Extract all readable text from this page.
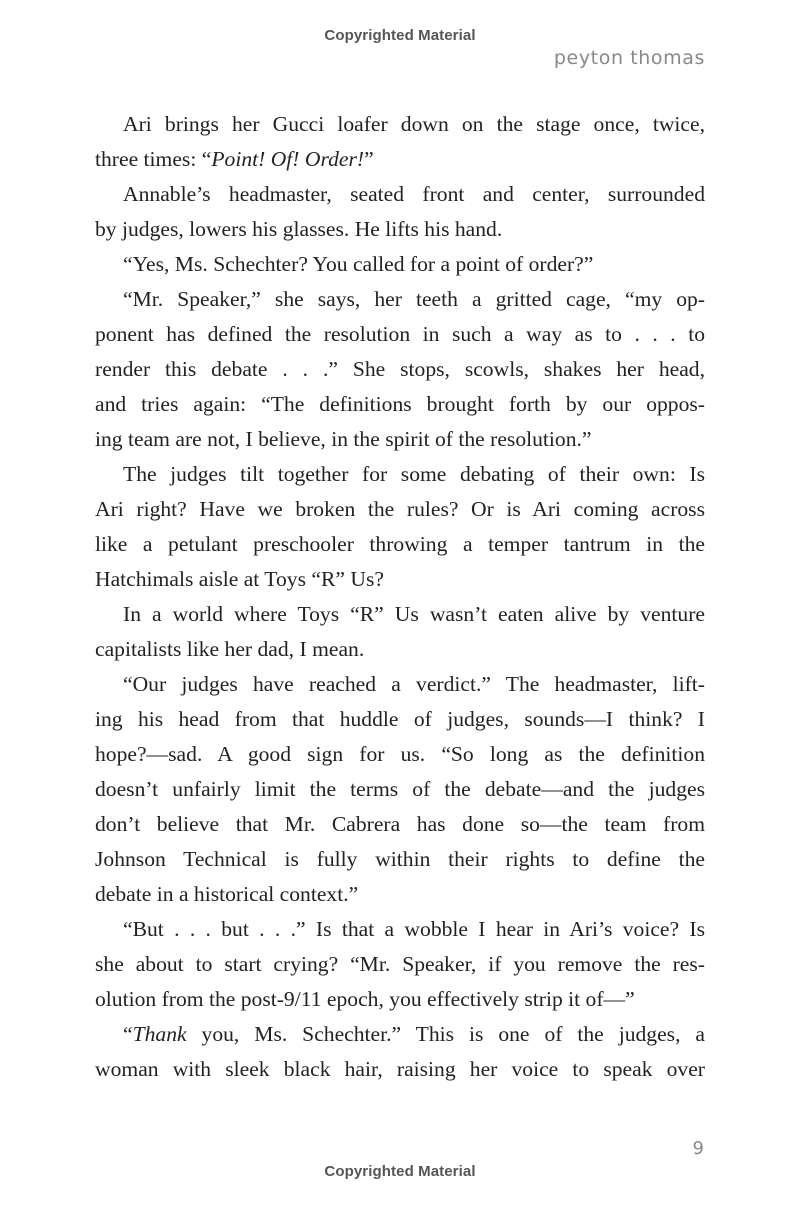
Copyrighted Material
peyton thomas
Ari brings her Gucci loafer down on the stage once, twice,
three times: “Point! Of! Order!”
Annable’s headmaster, seated front and center, surrounded
by judges, lowers his glasses. He lifts his hand.
“Yes, Ms. Schechter? You called for a point of order?”
“Mr. Speaker,” she says, her teeth a gritted cage, “my op-
ponent has defined the resolution in such a way as to . . . to
render this debate . . .” She stops, scowls, shakes her head,
and tries again: “The definitions brought forth by our oppos-
ing team are not, I believe, in the spirit of the resolution.”
The judges tilt together for some debating of their own: Is
Ari right? Have we broken the rules? Or is Ari coming across
like a petulant preschooler throwing a temper tantrum in the
Hatchimals aisle at Toys “R” Us?
In a world where Toys “R” Us wasn’t eaten alive by venture
capitalists like her dad, I mean.
“Our judges have reached a verdict.” The headmaster, lift-
ing his head from that huddle of judges, sounds—I think? I
hope?—sad. A good sign for us. “So long as the definition
doesn’t unfairly limit the terms of the debate—and the judges
don’t believe that Mr. Cabrera has done so—the team from
Johnson Technical is fully within their rights to define the
debate in a historical context.”
“But . . . but . . .” Is that a wobble I hear in Ari’s voice? Is
she about to start crying? “Mr. Speaker, if you remove the res-
olution from the post-9/11 epoch, you effectively strip it of—”
“Thank you, Ms. Schechter.” This is one of the judges, a
woman with sleek black hair, raising her voice to speak over
9
Copyrighted Material
